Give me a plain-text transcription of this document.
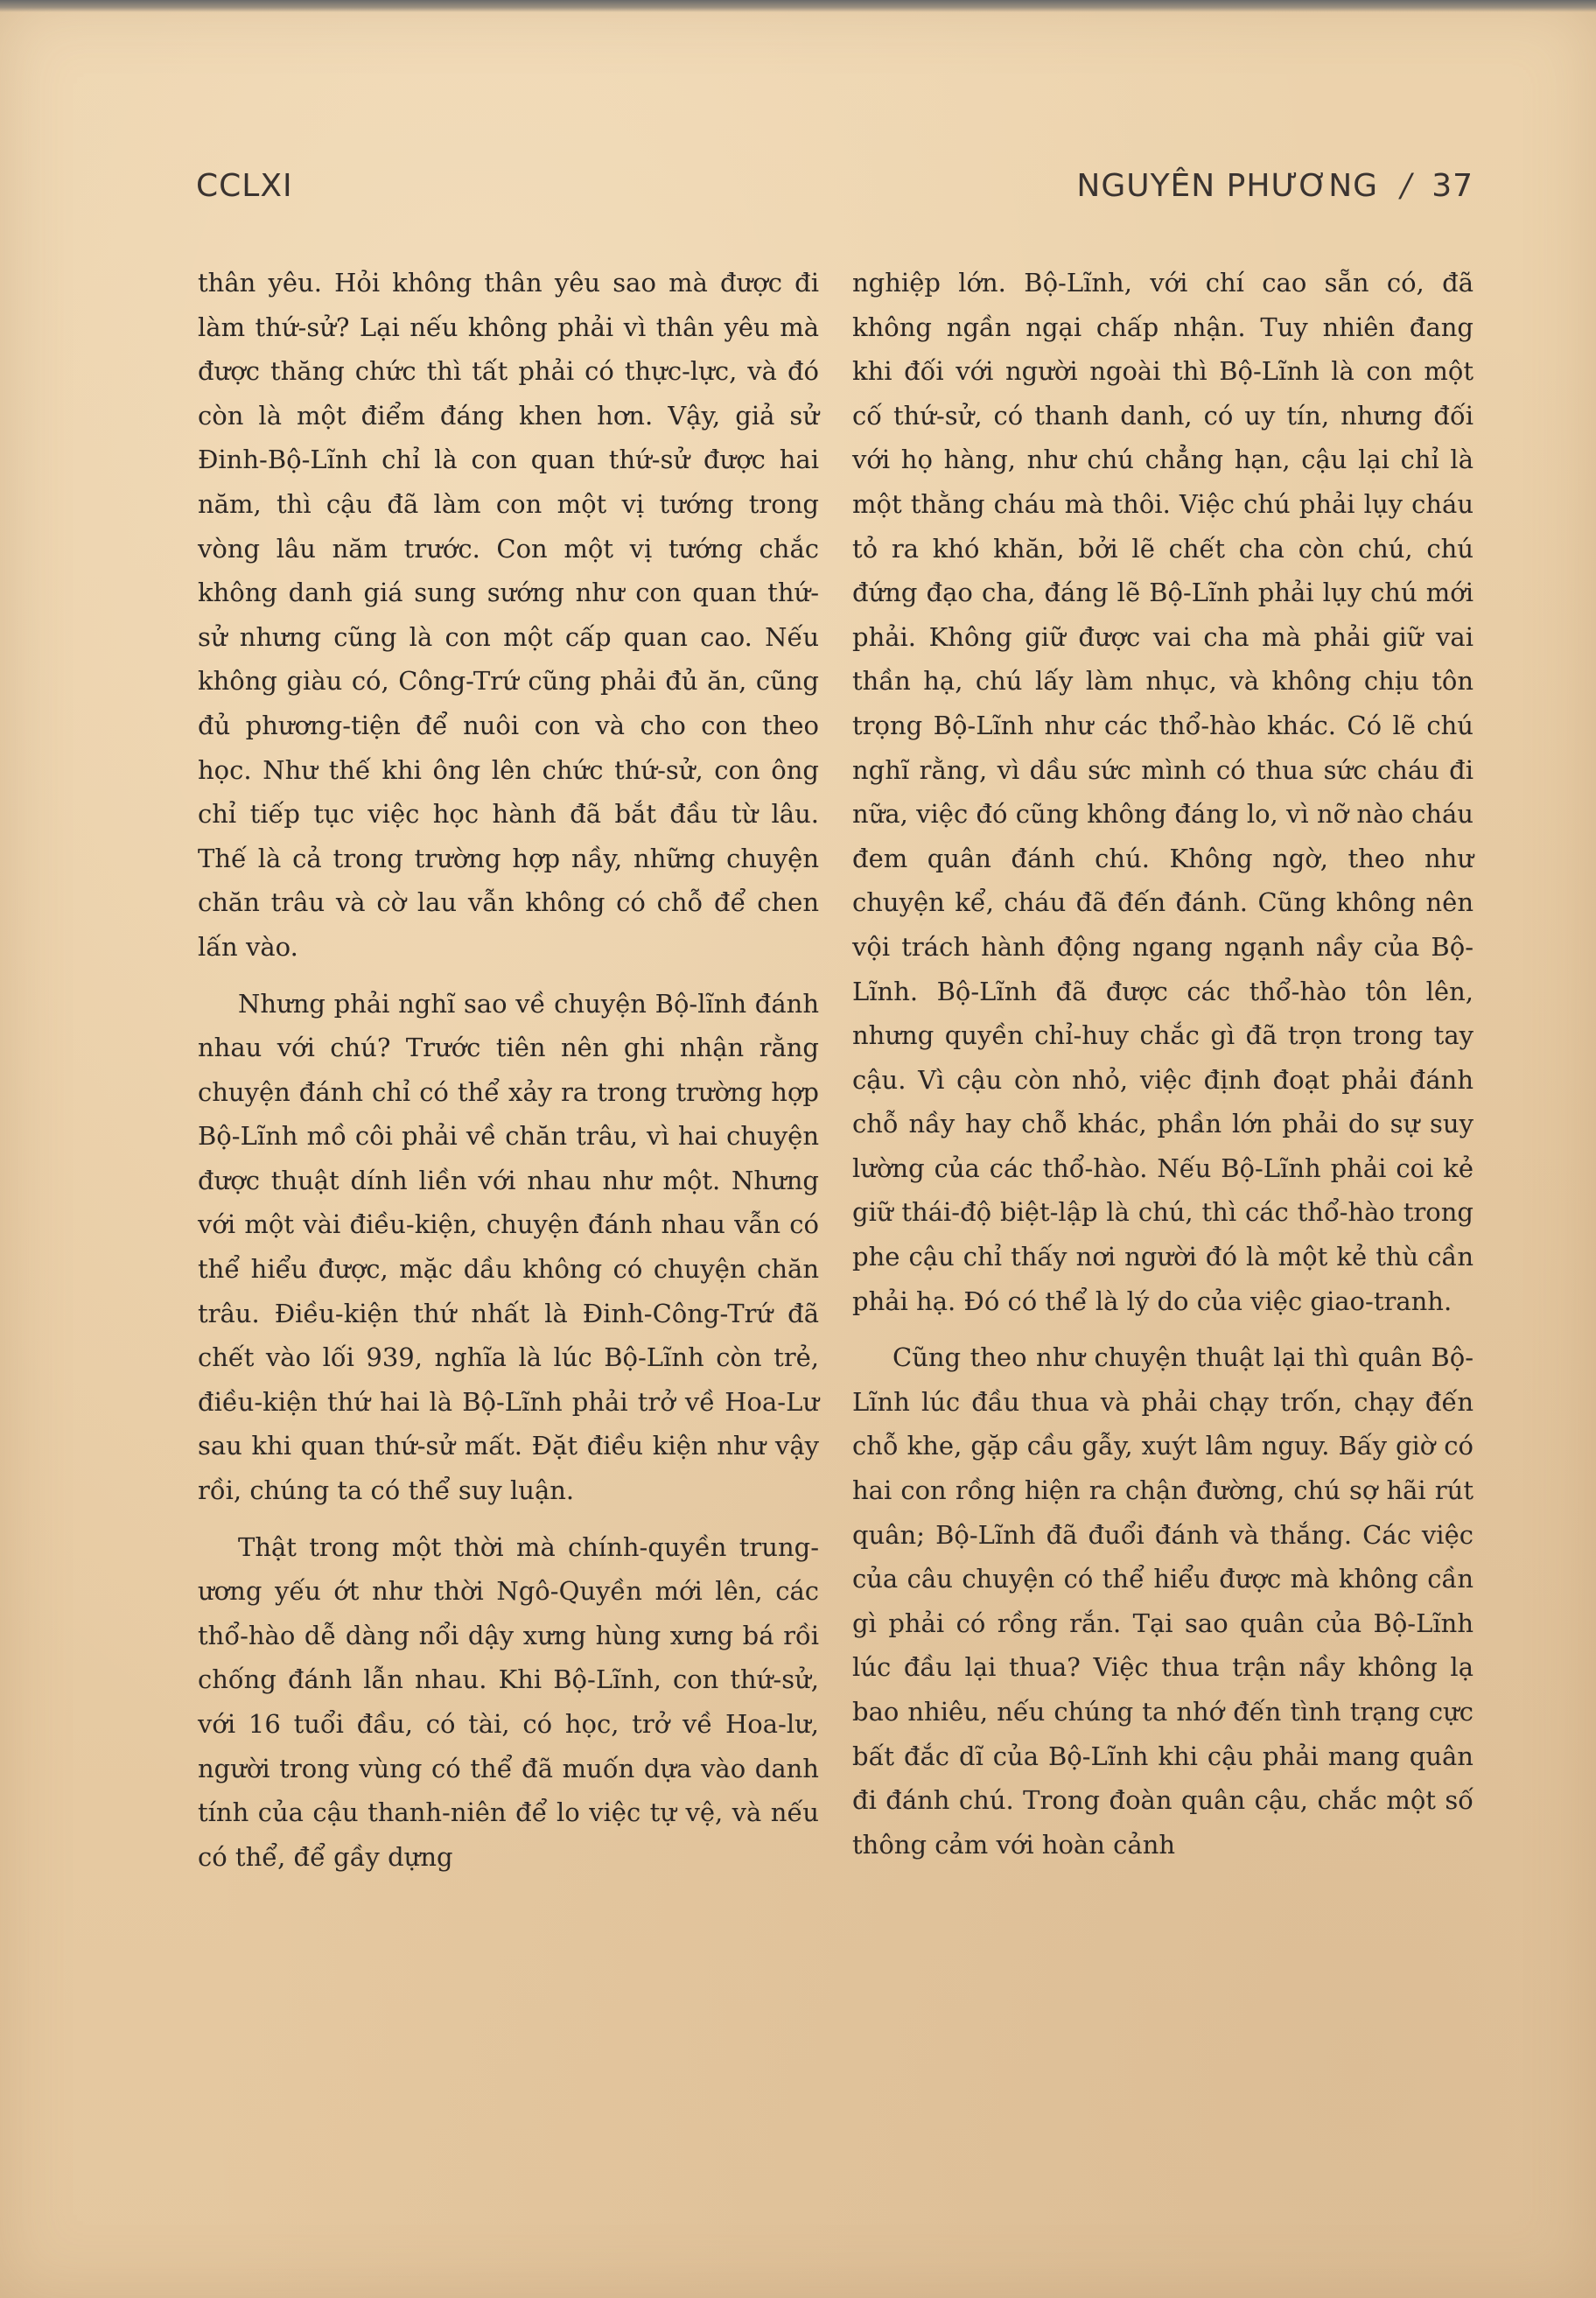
CCLXI	NGUYÊN PHƯƠNG / 37

thân yêu. Hỏi không thân yêu sao mà được đi làm thứ-sử? Lại nếu không phải vì thân yêu mà được thăng chức thì tất phải có thực-lực, và đó còn là một điểm đáng khen hơn. Vậy, giả sử Đinh-Bộ-Lĩnh chỉ là con quan thứ-sử được hai năm, thì cậu đã làm con một vị tướng trong vòng lâu năm trước. Con một vị tướng chắc không danh giá sung sướng như con quan thứ-sử nhưng cũng là con một cấp quan cao. Nếu không giàu có, Công-Trứ cũng phải đủ ăn, cũng đủ phương-tiện để nuôi con và cho con theo học. Như thế khi ông lên chức thứ-sử, con ông chỉ tiếp tục việc học hành đã bắt đầu từ lâu. Thế là cả trong trường hợp nầy, những chuyện chăn trâu và cờ lau vẫn không có chỗ để chen lấn vào.

Nhưng phải nghĩ sao về chuyện Bộ-lĩnh đánh nhau với chú? Trước tiên nên ghi nhận rằng chuyện đánh chỉ có thể xảy ra trong trường hợp Bộ-Lĩnh mồ côi phải về chăn trâu, vì hai chuyện được thuật dính liền với nhau như một. Nhưng với một vài điều-kiện, chuyện đánh nhau vẫn có thể hiểu được, mặc dầu không có chuyện chăn trâu. Điều-kiện thứ nhất là Đinh-Công-Trứ đã chết vào lối 939, nghĩa là lúc Bộ-Lĩnh còn trẻ, điều-kiện thứ hai là Bộ-Lĩnh phải trở về Hoa-Lư sau khi quan thứ-sử mất. Đặt điều kiện như vậy rồi, chúng ta có thể suy luận.

Thật trong một thời mà chính-quyền trung-ương yếu ớt như thời Ngô-Quyền mới lên, các thổ-hào dễ dàng nổi dậy xưng hùng xưng bá rồi chống đánh lẫn nhau. Khi Bộ-Lĩnh, con thứ-sử, với 16 tuổi đầu, có tài, có học, trở về Hoa-lư, người trong vùng có thể đã muốn dựa vào danh tính của cậu thanh-niên để lo việc tự vệ, và nếu có thể, để gầy dựng

nghiệp lớn. Bộ-Lĩnh, với chí cao sẵn có, đã không ngần ngại chấp nhận. Tuy nhiên đang khi đối với người ngoài thì Bộ-Lĩnh là con một cố thứ-sử, có thanh danh, có uy tín, nhưng đối với họ hàng, như chú chẳng hạn, cậu lại chỉ là một thằng cháu mà thôi. Việc chú phải lụy cháu tỏ ra khó khăn, bởi lẽ chết cha còn chú, chú đứng đạo cha, đáng lẽ Bộ-Lĩnh phải lụy chú mới phải. Không giữ được vai cha mà phải giữ vai thần hạ, chú lấy làm nhục, và không chịu tôn trọng Bộ-Lĩnh như các thổ-hào khác. Có lẽ chú nghĩ rằng, vì dầu sức mình có thua sức cháu đi nữa, việc đó cũng không đáng lo, vì nỡ nào cháu đem quân đánh chú. Không ngờ, theo như chuyện kể, cháu đã đến đánh. Cũng không nên vội trách hành động ngang ngạnh nầy của Bộ-Lĩnh. Bộ-Lĩnh đã được các thổ-hào tôn lên, nhưng quyền chỉ-huy chắc gì đã trọn trong tay cậu. Vì cậu còn nhỏ, việc định đoạt phải đánh chỗ nầy hay chỗ khác, phần lớn phải do sự suy lường của các thổ-hào. Nếu Bộ-Lĩnh phải coi kẻ giữ thái-độ biệt-lập là chú, thì các thổ-hào trong phe cậu chỉ thấy nơi người đó là một kẻ thù cần phải hạ. Đó có thể là lý do của việc giao-tranh.

Cũng theo như chuyện thuật lại thì quân Bộ-Lĩnh lúc đầu thua và phải chạy trốn, chạy đến chỗ khe, gặp cầu gẫy, xuýt lâm nguy. Bấy giờ có hai con rồng hiện ra chận đường, chú sợ hãi rút quân; Bộ-Lĩnh đã đuổi đánh và thắng. Các việc của câu chuyện có thể hiểu được mà không cần gì phải có rồng rắn. Tại sao quân của Bộ-Lĩnh lúc đầu lại thua? Việc thua trận nầy không lạ bao nhiêu, nếu chúng ta nhớ đến tình trạng cực bất đắc dĩ của Bộ-Lĩnh khi cậu phải mang quân đi đánh chú. Trong đoàn quân cậu, chắc một số thông cảm với hoàn cảnh
